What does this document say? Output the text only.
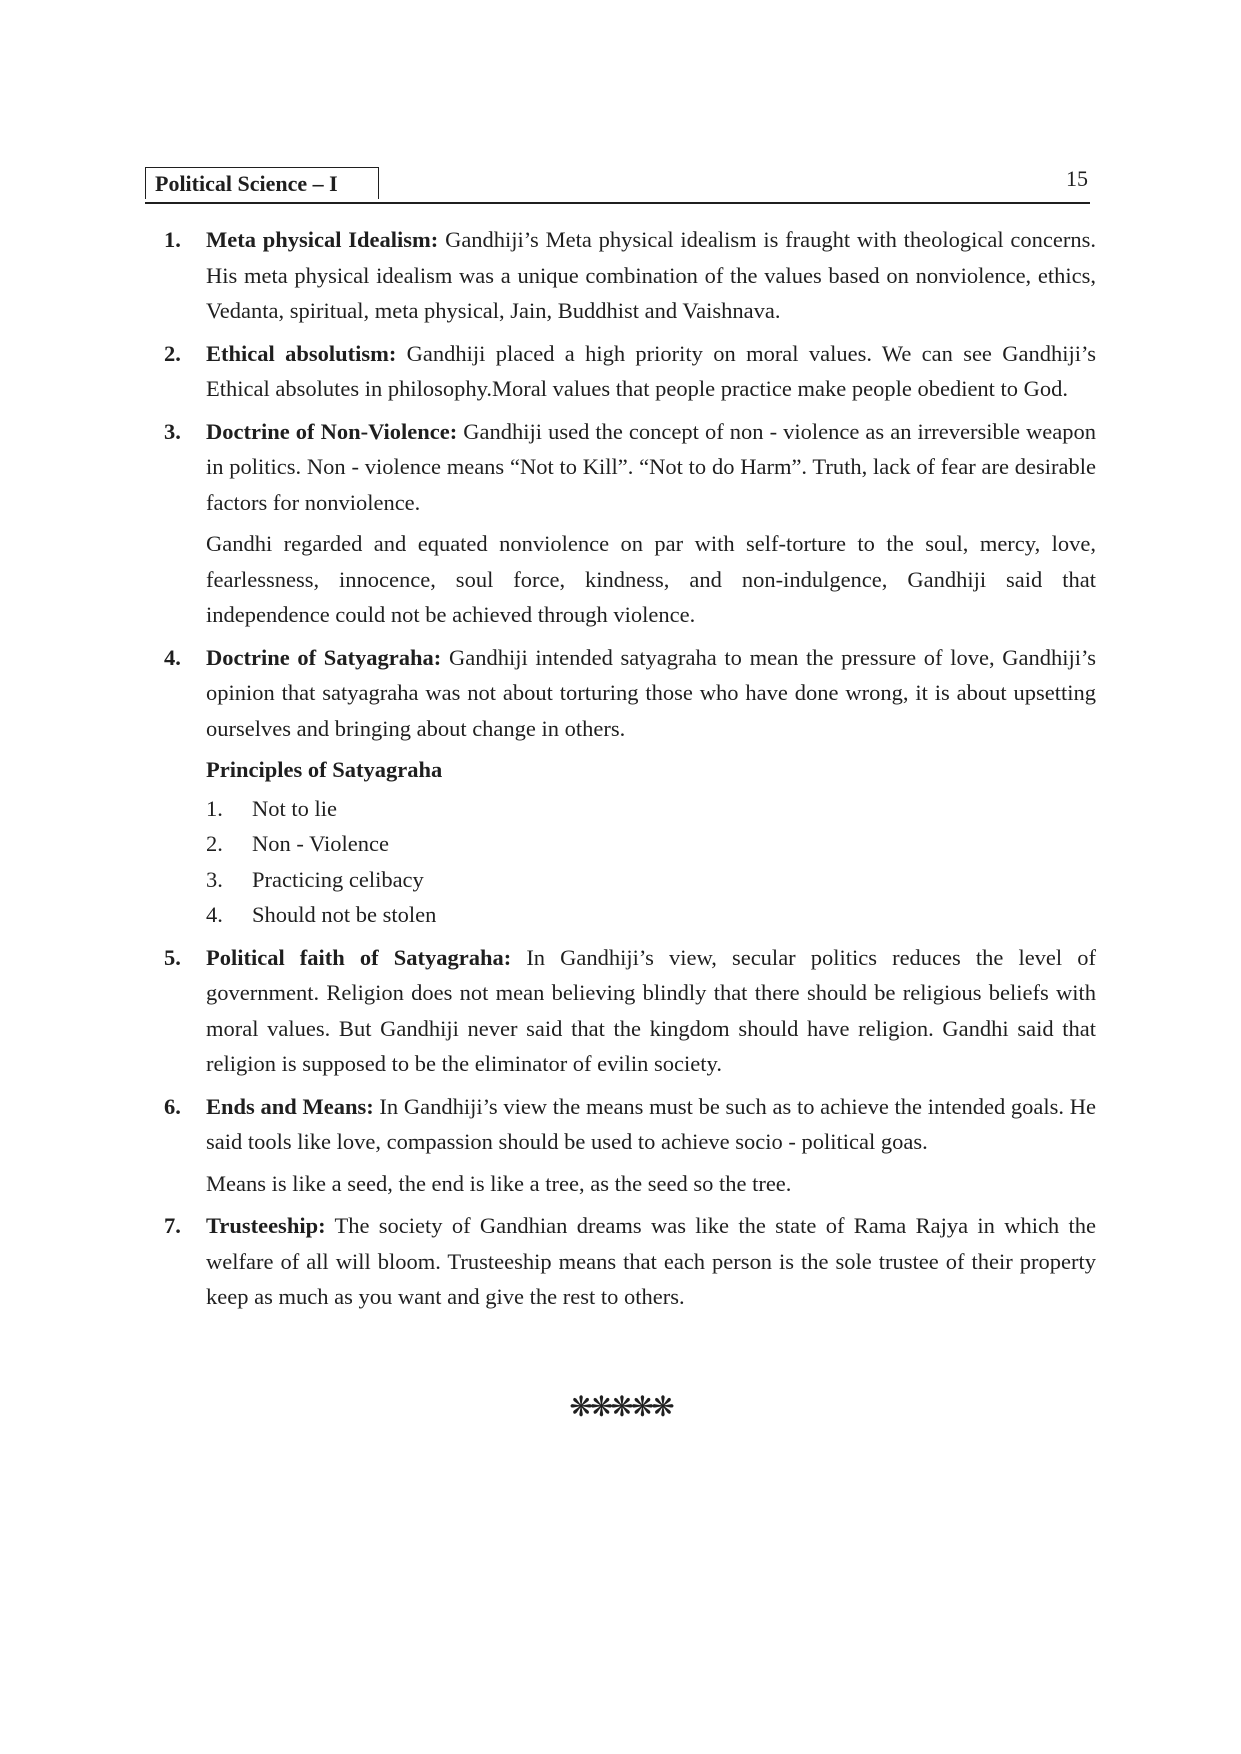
Political Science – I	15
1. Meta physical Idealism: Gandhiji’s Meta physical idealism is fraught with theological concerns. His meta physical idealism was a unique combination of the values based on nonviolence, ethics, Vedanta, spiritual, meta physical, Jain, Buddhist and Vaishnava.

2. Ethical absolutism: Gandhiji placed a high priority on moral values. We can see Gandhiji’s Ethical absolutes in philosophy.Moral values that people practice make people obedient to God.

3. Doctrine of Non-Violence: Gandhiji used the concept of non - violence as an irreversible weapon in politics. Non - violence means “Not to Kill”. “Not to do Harm”. Truth, lack of fear are desirable factors for nonviolence.

Gandhi regarded and equated nonviolence on par with self-torture to the soul, mercy, love, fearlessness, innocence, soul force, kindness, and non-indulgence, Gandhiji said that independence could not be achieved through violence.

4. Doctrine of Satyagraha: Gandhiji intended satyagraha to mean the pressure of love, Gandhiji’s opinion that satyagraha was not about torturing those who have done wrong, it is about upsetting ourselves and bringing about change in others.

Principles of Satyagraha
1. Not to lie
2. Non - Violence
3. Practicing celibacy
4. Should not be stolen
5. Political faith of Satyagraha: In Gandhiji’s view, secular politics reduces the level of government. Religion does not mean believing blindly that there should be religious beliefs with moral values. But Gandhiji never said that the kingdom should have religion. Gandhi said that religion is supposed to be the eliminator of evilin society.

6. Ends and Means: In Gandhiji’s view the means must be such as to achieve the intended goals. He said tools like love, compassion should be used to achieve socio - political goas.

Means is like a seed, the end is like a tree, as the seed so the tree.

7. Trusteeship: The society of Gandhian dreams was like the state of Rama Rajya in which the welfare of all will bloom. Trusteeship means that each person is the sole trustee of their property keep as much as you want and give the rest to others.

❋❋❋❋❋
